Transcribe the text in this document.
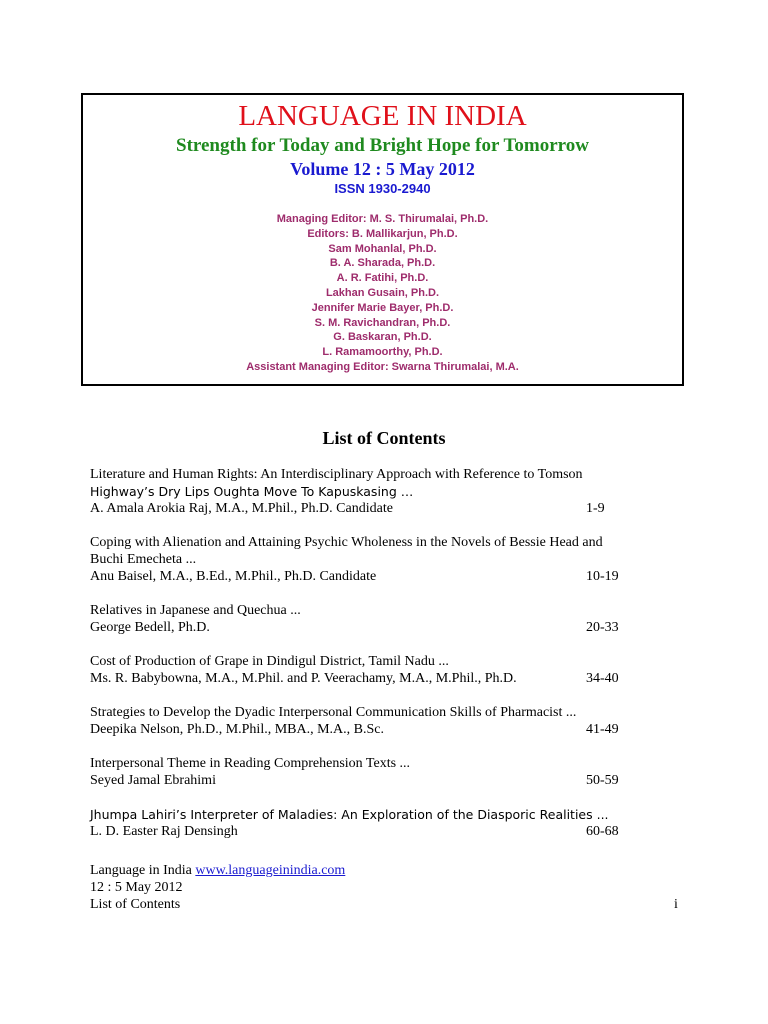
LANGUAGE IN INDIA
Strength for Today and Bright Hope for Tomorrow
Volume 12 : 5 May 2012
ISSN 1930-2940
Managing Editor: M. S. Thirumalai, Ph.D.
Editors: B. Mallikarjun, Ph.D.
Sam Mohanlal, Ph.D.
B. A. Sharada, Ph.D.
A. R. Fatihi, Ph.D.
Lakhan Gusain, Ph.D.
Jennifer Marie Bayer, Ph.D.
S. M. Ravichandran, Ph.D.
G. Baskaran, Ph.D.
L. Ramamoorthy, Ph.D.
Assistant Managing Editor: Swarna Thirumalai, M.A.
List of Contents
Literature and Human Rights: An Interdisciplinary Approach with Reference to Tomson
Highway’s Dry Lips Oughta Move To Kapuskasing …
A. Amala Arokia Raj, M.A., M.Phil., Ph.D. Candidate	1-9
Coping with Alienation and Attaining Psychic Wholeness in the Novels of Bessie Head and
Buchi Emecheta ...
Anu Baisel, M.A., B.Ed., M.Phil., Ph.D. Candidate	10-19
Relatives in Japanese and Quechua ...
George Bedell, Ph.D.	20-33
Cost of Production of Grape in Dindigul District, Tamil Nadu ...
Ms. R. Babybowna, M.A., M.Phil. and P. Veerachamy, M.A., M.Phil., Ph.D.	34-40
Strategies to Develop the Dyadic Interpersonal Communication Skills of Pharmacist ...
Deepika Nelson, Ph.D., M.Phil., MBA., M.A., B.Sc.	41-49
Interpersonal Theme in Reading Comprehension Texts ...
Seyed Jamal Ebrahimi	50-59
Jhumpa Lahiri’s Interpreter of Maladies: An Exploration of the Diasporic Realities ...
L. D. Easter Raj Densingh	60-68
Language in India www.languageinindia.com
12 : 5 May 2012
List of Contents	i
